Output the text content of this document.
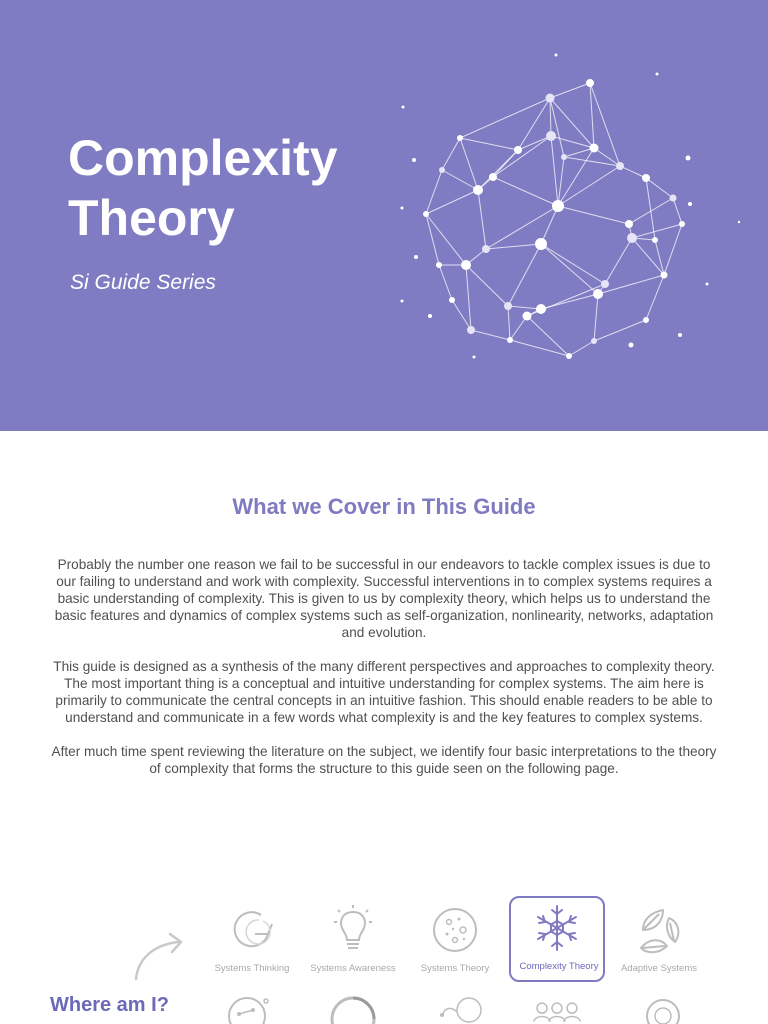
Complexity
Theory
Si Guide Series
What we Cover in This Guide

Probably the number one reason we fail to be successful in our endeavors to tackle complex issues is due to our failing to understand and work with complexity. Successful interventions in to complex systems requires a basic understanding of complexity. This is given to us by complexity theory, which helps us to understand the basic features and dynamics of complex systems such as self-organization, nonlinearity, networks, adaptation and evolution.

This guide is designed as a synthesis of the many different perspectives and approaches to complexity theory. The most important thing is a conceptual and intuitive understanding for complex systems. The aim here is primarily to communicate the central concepts in an intuitive fashion. This should enable readers to be able to understand and communicate in a few words what complexity is and the key features to complex systems.

After much time spent reviewing the literature on the subject, we identify four basic interpretations to the theory of complexity that forms the structure to this guide seen on the following page.

Where am I?
Systems Thinking	Systems Awareness	Systems Theory	Complexity Theory	Adaptive Systems
